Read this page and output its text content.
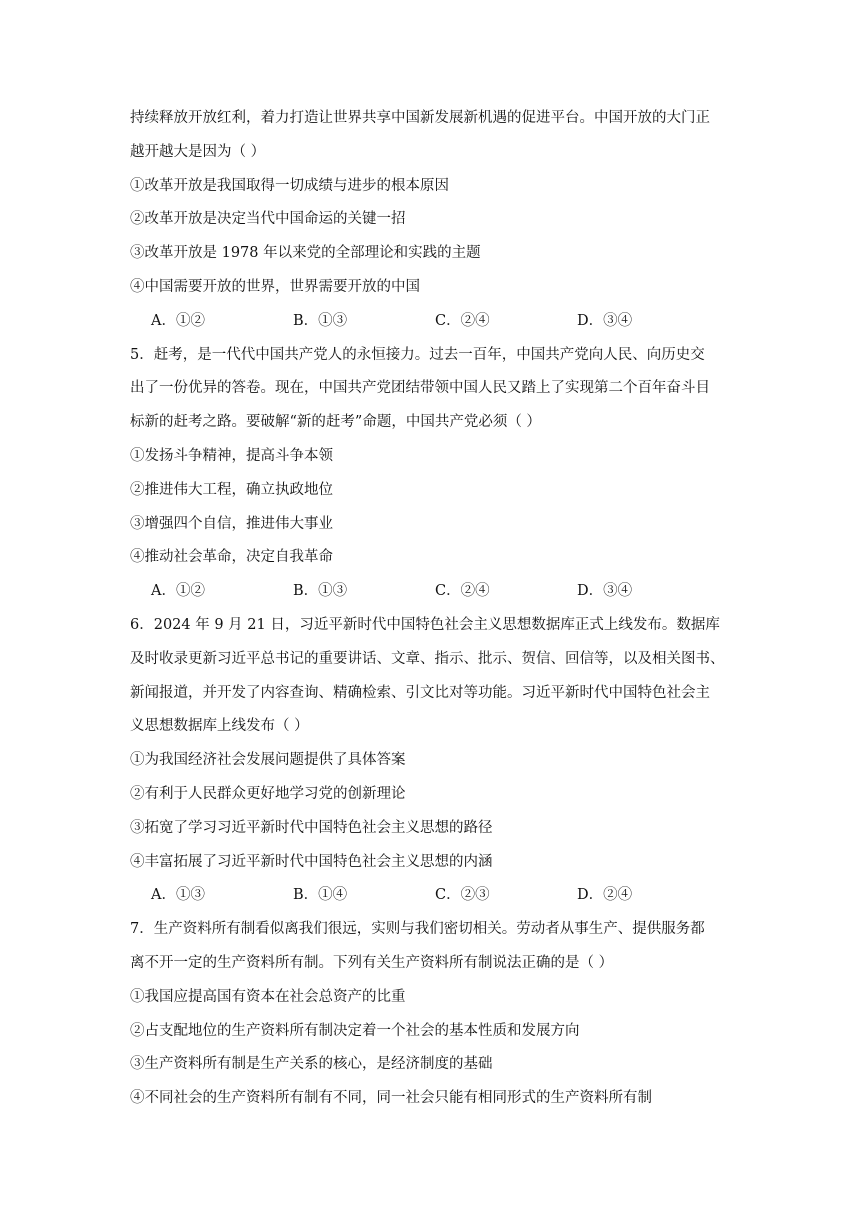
持续释放开放红利，着力打造让世界共享中国新发展新机遇的促进平台。中国开放的大门正
越开越大是因为（ ）
①改革开放是我国取得一切成绩与进步的根本原因
②改革开放是决定当代中国命运的关键一招
③改革开放是 1978 年以来党的全部理论和实践的主题
④中国需要开放的世界，世界需要开放的中国
A．①②	B．①③	C．②④	D．③④
5．赶考，是一代代中国共产党人的永恒接力。过去一百年，中国共产党向人民、向历史交
出了一份优异的答卷。现在，中国共产党团结带领中国人民又踏上了实现第二个百年奋斗目
标新的赶考之路。要破解“新的赶考”命题，中国共产党必须（ ）
①发扬斗争精神，提高斗争本领
②推进伟大工程，确立执政地位
③增强四个自信，推进伟大事业
④推动社会革命，决定自我革命
A．①②	B．①③	C．②④	D．③④
6．2024 年 9 月 21 日，习近平新时代中国特色社会主义思想数据库正式上线发布。数据库
及时收录更新习近平总书记的重要讲话、文章、指示、批示、贺信、回信等，以及相关图书、
新闻报道，并开发了内容查询、精确检索、引文比对等功能。习近平新时代中国特色社会主
义思想数据库上线发布（ ）
①为我国经济社会发展问题提供了具体答案
②有利于人民群众更好地学习党的创新理论
③拓宽了学习习近平新时代中国特色社会主义思想的路径
④丰富拓展了习近平新时代中国特色社会主义思想的内涵
A．①③	B．①④	C．②③	D．②④
7．生产资料所有制看似离我们很远，实则与我们密切相关。劳动者从事生产、提供服务都
离不开一定的生产资料所有制。下列有关生产资料所有制说法正确的是（ ）
①我国应提高国有资本在社会总资产的比重
②占支配地位的生产资料所有制决定着一个社会的基本性质和发展方向
③生产资料所有制是生产关系的核心，是经济制度的基础
④不同社会的生产资料所有制有不同，同一社会只能有相同形式的生产资料所有制
